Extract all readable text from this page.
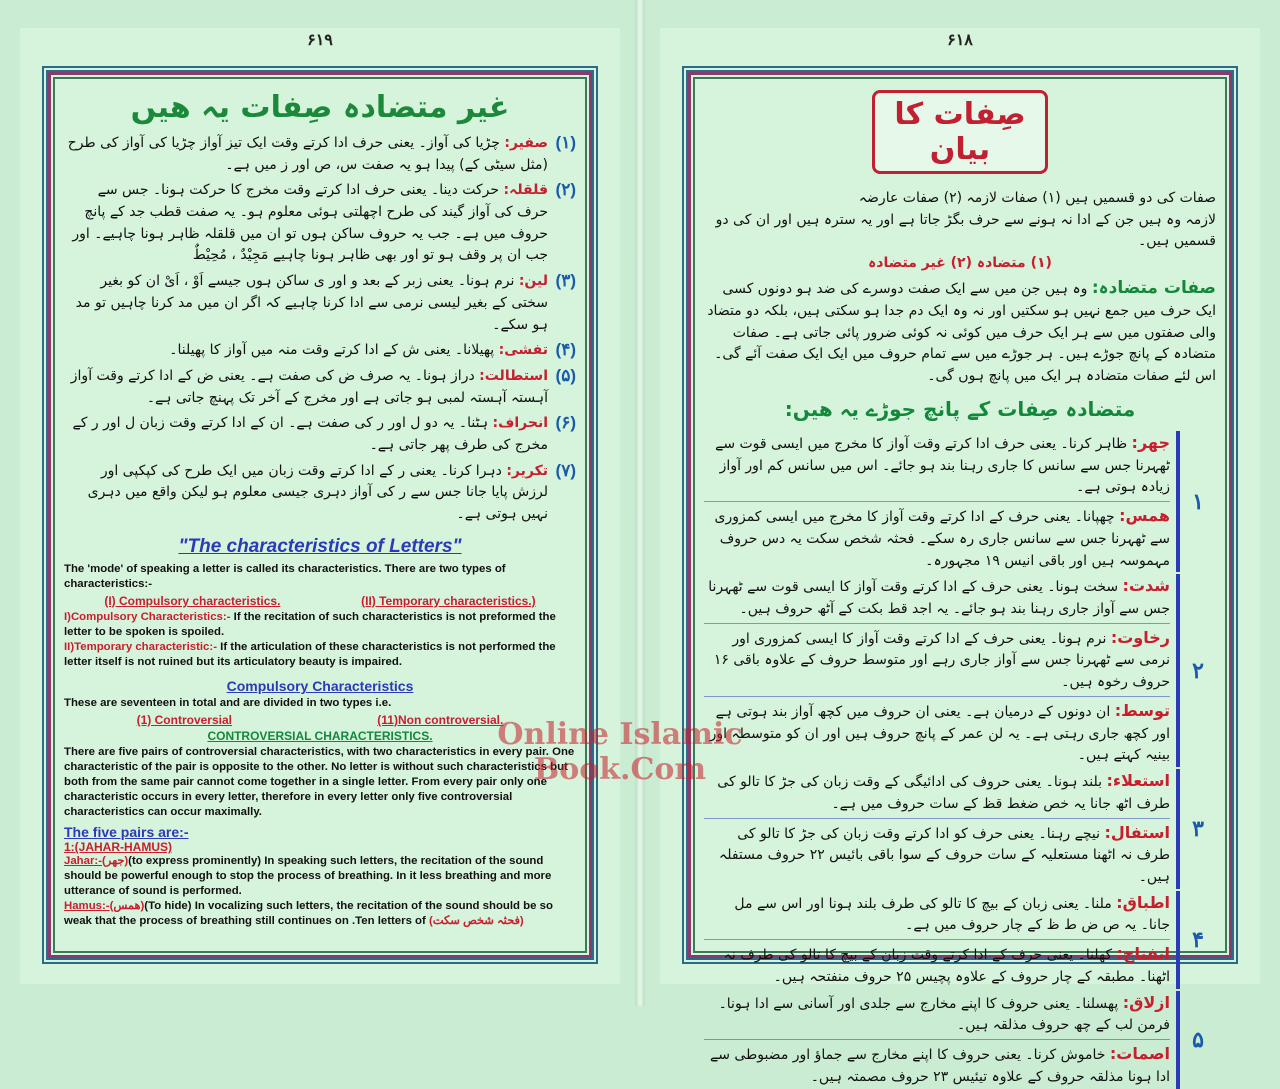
۶۱۹
غیر متضادہ صِفات یہ ھیں
(۱)
صفیر: چڑیا کی آواز۔ یعنی حرف ادا کرتے وقت ایک تیز آواز چڑیا کی آواز کی طرح (مثل سیٹی کے) پیدا ہو یہ صفت س، ص اور ز میں ہے۔
(۲)
قلقلہ: حرکت دینا۔ یعنی حرف ادا کرتے وقت مخرج کا حرکت ہونا۔ جس سے حرف کی آواز گیند کی طرح اچھلتی ہوئی معلوم ہو۔ یہ صفت قطب جد کے پانچ حروف میں ہے۔ جب یہ حروف ساکن ہوں تو ان میں قلقلہ ظاہر ہونا چاہیے۔ اور جب ان پر وقف ہو تو اور بھی ظاہر ہونا چاہیے مَجِیْدٌ ، مُحِیْطٌ
(۳)
لین: نرم ہونا۔ یعنی زبر کے بعد و اور ی ساکن ہوں جیسے اَوْ ، اَیْ ان کو بغیر سختی کے بغیر لیسی نرمی سے ادا کرنا چاہیے کہ اگر ان میں مد کرنا چاہیں تو مد ہو سکے۔
(۴)
تفشی: پھیلانا۔ یعنی ش کے ادا کرتے وقت منہ میں آواز کا پھیلنا۔
(۵)
استطالت: دراز ہونا۔ یہ صرف ض کی صفت ہے۔ یعنی ض کے ادا کرتے وقت آواز آہستہ آہستہ لمبی ہو جاتی ہے اور مخرج کے آخر تک پہنچ جاتی ہے۔
(۶)
انحراف: ہٹنا۔ یہ دو ل اور ر کی صفت ہے۔ ان کے ادا کرتے وقت زبان ل اور ر کے مخرج کی طرف پھر جاتی ہے۔
(۷)
تکریر: دہرا کرنا۔ یعنی ر کے ادا کرتے وقت زبان میں ایک طرح کی کپکپی اور لرزش پایا جانا جس سے ر کی آواز دہری جیسی معلوم ہو لیکن واقع میں دہری نہیں ہوتی ہے۔
"The characteristics of Letters"
The 'mode' of speaking a letter is called its characteristics. There are two types of characteristics:-
(I) Compulsory characteristics.	(II) Temporary characteristics.)
I)Compulsory Characteristics:- If the recitation of such characteristics is not preformed the letter to be spoken is spoiled.
II)Temporary characteristic:- If the articulation of these characteristics is not performed the letter itself is not ruined but its articulatory beauty is impaired.
Compulsory Characteristics
These are seventeen in total and are divided in two types i.e.
(1) Controversial	(11)Non controversial.
CONTROVERSIAL CHARACTERISTICS.
There are five pairs of controversial characteristics, with two characteristics in every pair. One characteristic of the pair is opposite to the other. No letter is without such characteristics but both from the same pair cannot come together in a single letter. From every pair only one characteristic occurs in every letter, therefore in every letter only five controversial characteristics can occur maximally.
The five pairs are:-
1:(JAHAR-HAMUS)
Jahar:-(جھر)(to express prominently) In speaking such letters, the recitation of the sound should be powerful enough to stop the process of breathing. In it less breathing and more utterance of sound is performed.
Hamus:-(ھمس)(To hide) In vocalizing such letters, the recitation of the sound should be so weak that the process of breathing still continues on .Ten letters of (فحثہ شخص سکت)
۶۱۸
صِفات کا بیان
صفات کی دو قسمیں ہیں (۱) صفات لازمہ (۲) صفات عارضہ
لازمہ وہ ہیں جن کے ادا نہ ہونے سے حرف بگڑ جاتا ہے اور یہ سترہ ہیں اور ان کی دو قسمیں ہیں۔
(۱) متضادہ (۲) غیر متضادہ
صفات متضادہ: وہ ہیں جن میں سے ایک صفت دوسرے کی ضد ہو دونوں کسی ایک حرف میں جمع نہیں ہو سکتیں اور نہ وہ ایک دم جدا ہو سکتی ہیں، بلکہ دو متضاد والی صفتوں میں سے ہر ایک حرف میں کوئی نہ کوئی ضرور پائی جاتی ہے۔ صفات متضادہ کے پانچ جوڑے ہیں۔ ہر جوڑے میں سے تمام حروف میں ایک ایک صفت آئے گی۔ اس لئے صفات متضادہ ہر ایک میں پانچ ہوں گی۔
متضادہ صِفات کے پانچ جوڑے یہ ھیں:
۱
جھر: ظاہر کرنا۔ یعنی حرف ادا کرتے وقت آواز کا مخرج میں ایسی قوت سے ٹھہرنا جس سے سانس کا جاری رہنا بند ہو جائے۔ اس میں سانس کم اور آواز زیادہ ہوتی ہے۔
ھمس: چھپانا۔ یعنی حرف کے ادا کرتے وقت آواز کا مخرج میں ایسی کمزوری سے ٹھہرنا جس سے سانس جاری رہ سکے۔ فحثہ شخص سکت یہ دس حروف مہموسہ ہیں اور باقی انیس ۱۹ مجہورہ۔
۲
شدت: سخت ہونا۔ یعنی حرف کے ادا کرتے وقت آواز کا ایسی قوت سے ٹھہرنا جس سے آواز جاری رہنا بند ہو جائے۔ یہ اجد قط بکت کے آٹھ حروف ہیں۔
رخاوت: نرم ہونا۔ یعنی حرف کے ادا کرتے وقت آواز کا ایسی کمزوری اور نرمی سے ٹھہرنا جس سے آواز جاری رہے اور متوسط حروف کے علاوہ باقی ۱۶ حروف رخوہ ہیں۔
توسط: ان دونوں کے درمیان ہے۔ یعنی ان حروف میں کچھ آواز بند ہوتی ہے اور کچھ جاری رہتی ہے۔ یہ لن عمر کے پانچ حروف ہیں اور ان کو متوسطہ اور بینیہ کہتے ہیں۔
۳
استعلاء: بلند ہونا۔ یعنی حروف کی ادائیگی کے وقت زبان کی جڑ کا تالو کی طرف اٹھ جانا یہ خص ضغط قظ کے سات حروف میں ہے۔
استفال: نیچے رہنا۔ یعنی حرف کو ادا کرتے وقت زبان کی جڑ کا تالو کی طرف نہ اٹھنا مستعلیہ کے سات حروف کے سوا باقی بائیس ۲۲ حروف مستفلہ ہیں۔
۴
اطباق: ملنا۔ یعنی زبان کے بیچ کا تالو کی طرف بلند ہونا اور اس سے مل جانا۔ یہ ص ض ط ظ کے چار حروف میں ہے۔
انفتاح: کھلنا۔ یعنی حرف کے ادا کرتے وقت زبان کے بیچ کا تالو کی طرف نہ اٹھنا۔ مطبقہ کے چار حروف کے علاوہ پچیس ۲۵ حروف منفتحہ ہیں۔
۵
ازلاق: پھسلنا۔ یعنی حروف کا اپنے مخارج سے جلدی اور آسانی سے ادا ہونا۔ فرمن لب کے چھ حروف مذلقہ ہیں۔
اصمات: خاموش کرنا۔ یعنی حروف کا اپنے مخارج سے جماؤ اور مضبوطی سے ادا ہونا مذلقہ حروف کے علاوہ تیئیس ۲۳ حروف مصمتہ ہیں۔
Online Islamic
Book.Com
